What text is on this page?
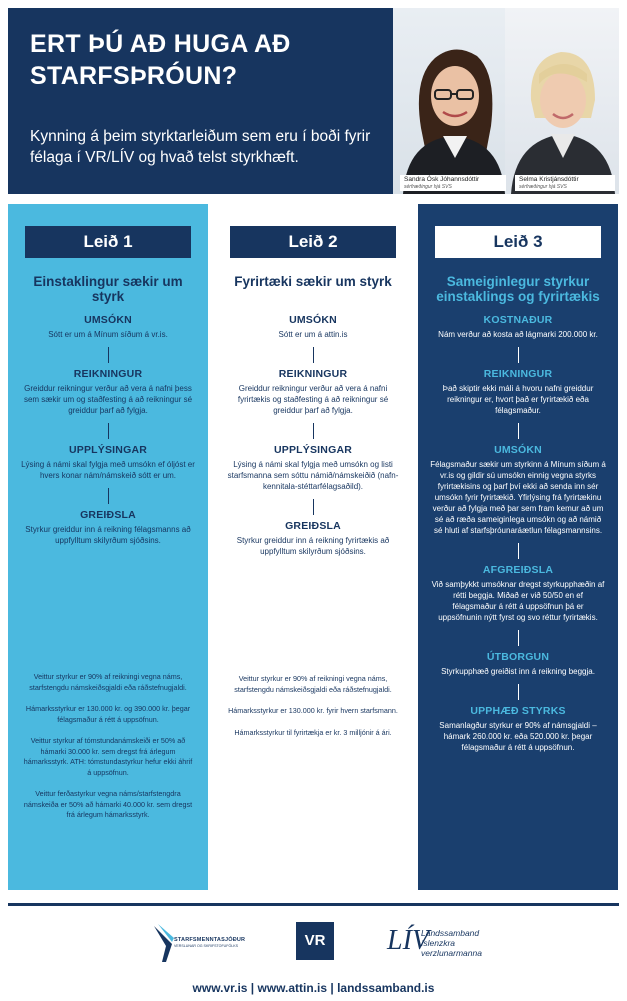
ERT ÞÚ AÐ HUGA AÐ STARFSÞRÓUN?
Kynning á þeim styrktarleiðum sem eru í boði fyrir félaga í VR/LÍV og hvað telst styrkhæft.
Sandra Ósk Jóhannsdóttir
sérfræðingur hjá SVS
Selma Kristjánsdóttir
sérfræðingur hjá SVS
Leið 1
Einstaklingur sækir um styrk
UMSÓKN
Sótt er um á Mínum síðum á vr.is.
REIKNINGUR
Greiddur reikningur verður að vera á nafni þess sem sækir um og staðfesting á að reikningur sé greiddur þarf að fylgja.
UPPLÝSINGAR
Lýsing á námi skal fylgja með umsókn ef óljóst er hvers konar nám/námskeið sótt er um.
GREIÐSLA
Styrkur greiddur inn á reikning félagsmanns að uppfylltum skilyrðum sjóðsins.
Veittur styrkur er 90% af reikningi vegna náms, starfstengdu námskeiðsgjaldi eða ráðstefnugjaldi.
Hámarksstyrkur er 130.000 kr. og 390.000 kr. þegar félagsmaður á rétt á uppsöfnun.
Veittur styrkur af tómstundanámskeiði er 50% að hámarki 30.000 kr. sem dregst frá árlegum hámarksstyrk. ATH: tómstundastyrkur hefur ekki áhrif á uppsöfnun.
Veittur ferðastyrkur vegna náms/starfstengdra námskeiða er 50% að hámarki 40.000 kr. sem dregst frá árlegum hámarksstyrk.
Leið 2
Fyrirtæki sækir um styrk
UMSÓKN
Sótt er um á attin.is
REIKNINGUR
Greiddur reikningur verður að vera á nafni fyrirtækis og staðfesting á að reikningur sé greiddur þarf að fylgja.
UPPLÝSINGAR
Lýsing á námi skal fylgja með umsókn og listi starfsmanna sem sóttu námið/námskeiðið (nafn-kennitala-stéttarfélagsaðild).
GREIÐSLA
Styrkur greiddur inn á reikning fyrirtækis að uppfylltum skilyrðum sjóðsins.
Veittur styrkur er 90% af reikningi vegna náms, starfstengdu námskeiðsgjaldi eða ráðstefnugjaldi.
Hámarksstyrkur er 130.000 kr. fyrir hvern starfsmann.
Hámarksstyrkur til fyrirtækja er kr. 3 milljónir á ári.
Leið 3
Sameiginlegur styrkur einstaklings og fyrirtækis
KOSTNAÐUR
Nám verður að kosta að lágmarki 200.000 kr.
REIKNINGUR
Það skiptir ekki máli á hvoru nafni greiddur reikningur er, hvort það er fyrirtækið eða félagsmaður.
UMSÓKN
Félagsmaður sækir um styrkinn á Mínum síðum á vr.is og gildir sú umsókn einnig vegna styrks fyrirtækisins og þarf því ekki að senda inn sér umsókn fyrir fyrirtækið. Yfirlýsing frá fyrirtækinu verður að fylgja með þar sem fram kemur að um sé að ræða sameiginlega umsókn og að námið sé hluti af starfsþróunaráætlun félagsmannsins.
AFGREIÐSLA
Við samþykkt umsóknar dregst styrkupphæðin af rétti beggja. Miðað er við 50/50 en ef félagsmaður á rétt á uppsöfnun þá er uppsöfnunin nýtt fyrst og svo réttur fyrirtækis.
ÚTBORGUN
Styrkupphæð greiðist inn á reikning beggja.
UPPHÆÐ STYRKS
Samanlagður styrkur er 90% af námsgjaldi – hámark 260.000 kr. eða 520.000 kr. þegar félagsmaður á rétt á uppsöfnun.
STARFSMENNTASJÓÐUR
VERSLUNAR OG SKRIFSTOFUFÓLKS	VR	LÍV
Landssamband
íslenzkra
verzlunarmanna
www.vr.is | www.attin.is | landssamband.is
